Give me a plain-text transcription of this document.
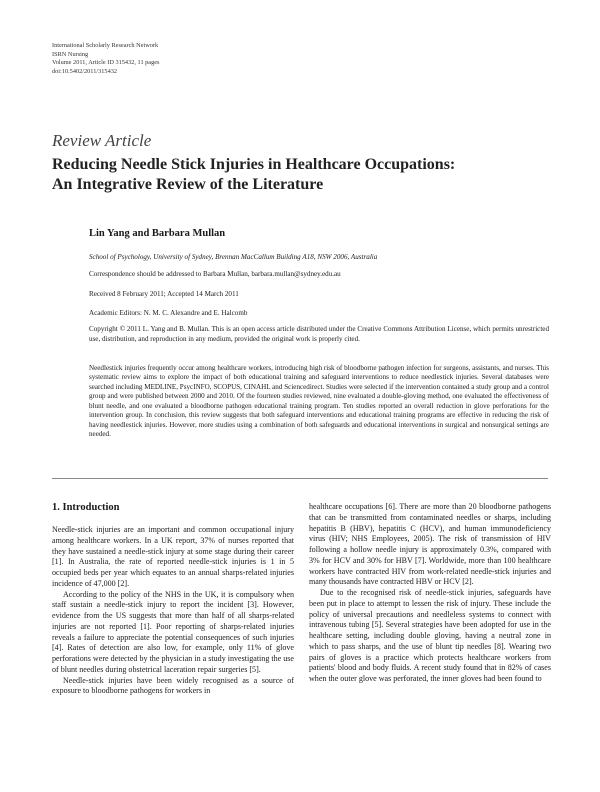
International Scholarly Research Network
ISRN Nursing
Volume 2011, Article ID 315432, 11 pages
doi:10.5402/2011/315432
Review Article
Reducing Needle Stick Injuries in Healthcare Occupations:
An Integrative Review of the Literature
Lin Yang and Barbara Mullan
School of Psychology, University of Sydney, Brennan MacCallum Building A18, NSW 2006, Australia
Correspondence should be addressed to Barbara Mullan, barbara.mullan@sydney.edu.au
Received 8 February 2011; Accepted 14 March 2011
Academic Editors: N. M. C. Alexandre and E. Halcomb
Copyright © 2011 L. Yang and B. Mullan. This is an open access article distributed under the Creative Commons Attribution License, which permits unrestricted use, distribution, and reproduction in any medium, provided the original work is properly cited.
Needlestick injuries frequently occur among healthcare workers, introducing high risk of bloodborne pathogen infection for surgeons, assistants, and nurses. This systematic review aims to explore the impact of both educational training and safeguard interventions to reduce needlestick injuries. Several databases were searched including MEDLINE, PsycINFO, SCOPUS, CINAHL and Sciencedirect. Studies were selected if the intervention contained a study group and a control group and were published between 2000 and 2010. Of the fourteen studies reviewed, nine evaluated a double-gloving method, one evaluated the effectiveness of blunt needle, and one evaluated a bloodborne pathogen educational training program. Ten studies reported an overall reduction in glove perforations for the intervention group. In conclusion, this review suggests that both safeguard interventions and educational training programs are effective in reducing the risk of having needlestick injuries. However, more studies using a combination of both safeguards and educational interventions in surgical and nonsurgical settings are needed.
1. Introduction

Needle-stick injuries are an important and common occupational injury among healthcare workers. In a UK report, 37% of nurses reported that they have sustained a needle-stick injury at some stage during their career [1]. In Australia, the rate of reported needle-stick injuries is 1 in 5 occupied beds per year which equates to an annual sharps-related injuries incidence of 47,000 [2].

According to the policy of the NHS in the UK, it is compulsory when staff sustain a needle-stick injury to report the incident [3]. However, evidence from the US suggests that more than half of all sharps-related injuries are not reported [1]. Poor reporting of sharps-related injuries reveals a failure to appreciate the potential consequences of such injuries [4]. Rates of detection are also low, for example, only 11% of glove perforations were detected by the physician in a study investigating the use of blunt needles during obstetrical laceration repair surgeries [5].

Needle-stick injuries have been widely recognised as a source of exposure to bloodborne pathogens for workers in

healthcare occupations [6]. There are more than 20 bloodborne pathogens that can be transmitted from contaminated needles or sharps, including hepatitis B (HBV), hepatitis C (HCV), and human immunodeficiency virus (HIV; NHS Employees, 2005). The risk of transmission of HIV following a hollow needle injury is approximately 0.3%, compared with 3% for HCV and 30% for HBV [7]. Worldwide, more than 100 healthcare workers have contracted HIV from work-related needle-stick injuries and many thousands have contracted HBV or HCV [2].

Due to the recognised risk of needle-stick injuries, safeguards have been put in place to attempt to lessen the risk of injury. These include the policy of universal precautions and needleless systems to connect with intravenous tubing [5]. Several strategies have been adopted for use in the healthcare setting, including double gloving, having a neutral zone in which to pass sharps, and the use of blunt tip needles [8]. Wearing two pairs of gloves is a practice which protects healthcare workers from patients' blood and body fluids. A recent study found that in 82% of cases when the outer glove was perforated, the inner gloves had been found to
